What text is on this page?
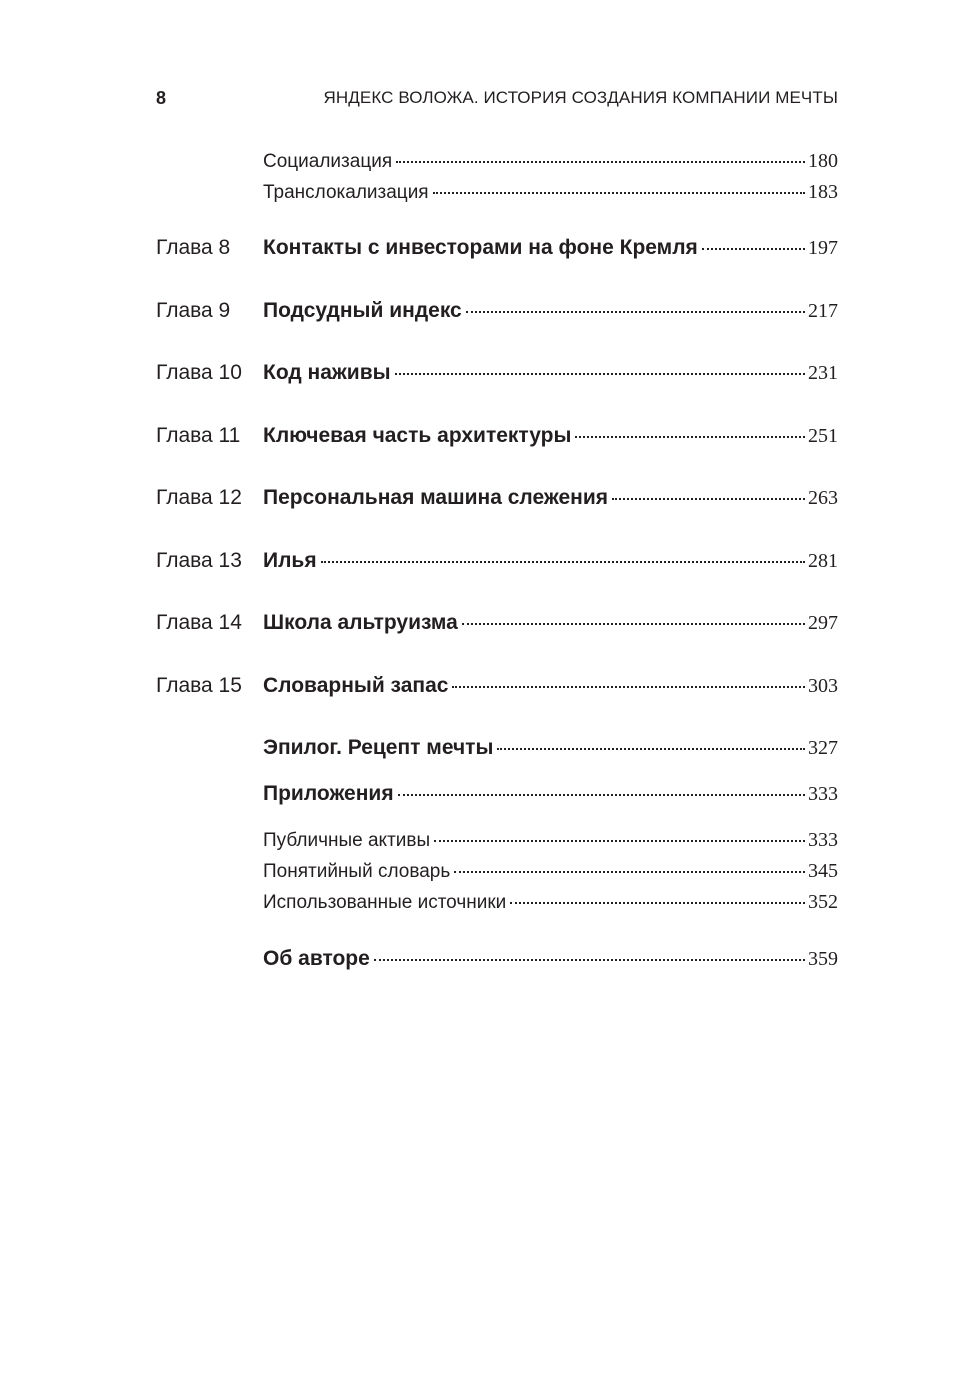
8	ЯНДЕКС ВОЛОЖА. ИСТОРИЯ СОЗДАНИЯ КОМПАНИИ МЕЧТЫ
Социализация	180
Транслокализация	183
Глава 8	Контакты с инвесторами на фоне Кремля	197
Глава 9	Подсудный индекс	217
Глава 10	Код наживы	231
Глава 11	Ключевая часть архитектуры	251
Глава 12	Персональная машина слежения	263
Глава 13	Илья	281
Глава 14	Школа альтруизма	297
Глава 15	Словарный запас	303
Эпилог. Рецепт мечты	327
Приложения	333
Публичные активы	333
Понятийный словарь	345
Использованные источники	352
Об авторе	359
